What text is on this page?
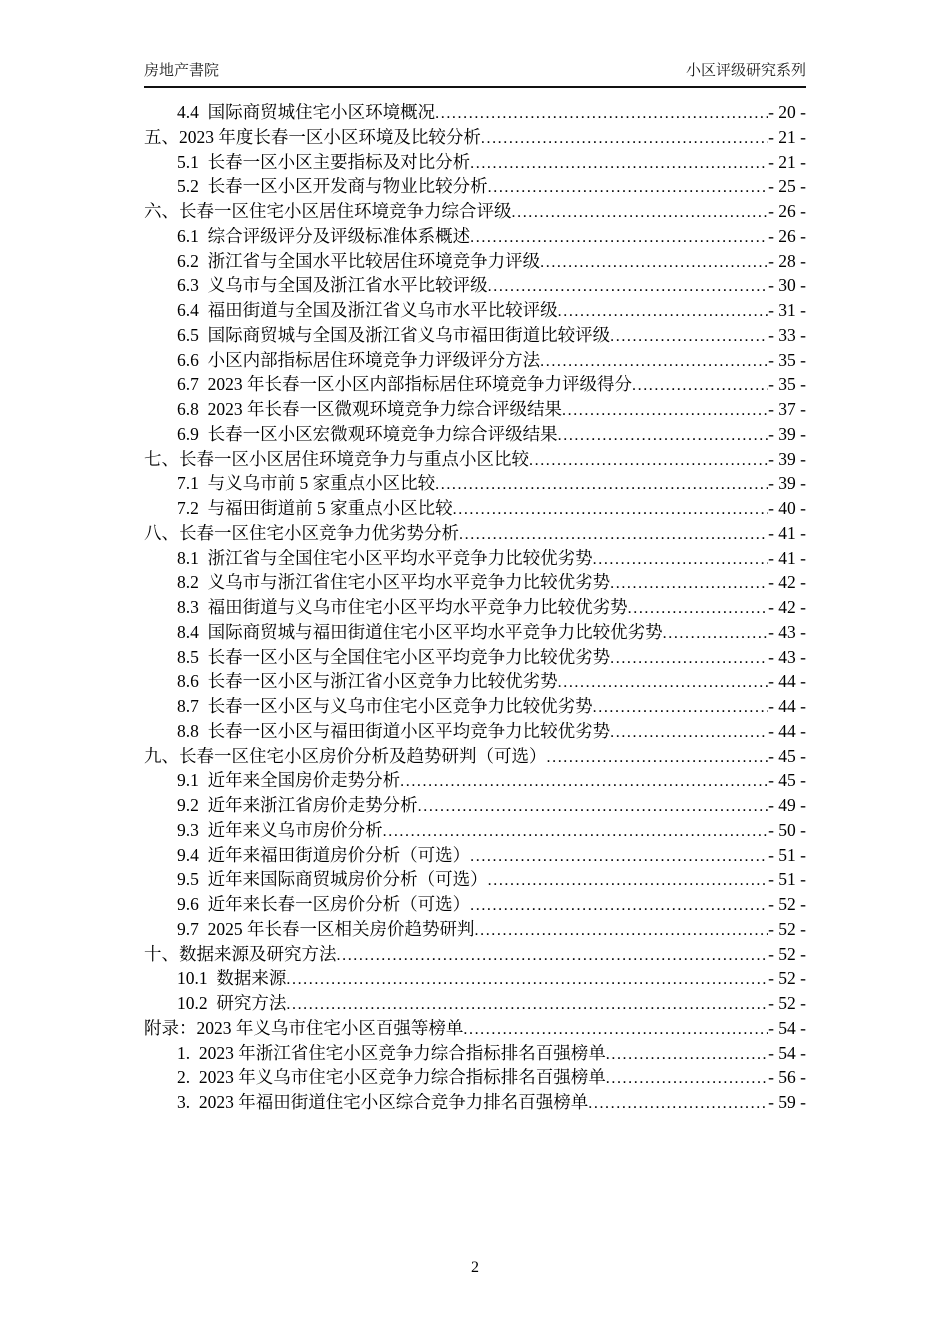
房地产書院	小区评级研究系列
4.4  国际商贸城住宅小区环境概况 .....	- 20 -
五、2023 年度长春一区小区环境及比较分析 .....	- 21 -
5.1  长春一区小区主要指标及对比分析 .....	- 21 -
5.2  长春一区小区开发商与物业比较分析 .....	- 25 -
六、长春一区住宅小区居住环境竞争力综合评级 .....	- 26 -
6.1  综合评级评分及评级标准体系概述 .....	- 26 -
6.2  浙江省与全国水平比较居住环境竞争力评级 .....	- 28 -
6.3  义乌市与全国及浙江省水平比较评级 .....	- 30 -
6.4  福田街道与全国及浙江省义乌市水平比较评级 .....	- 31 -
6.5  国际商贸城与全国及浙江省义乌市福田街道比较评级 .....	- 33 -
6.6  小区内部指标居住环境竞争力评级评分方法 .....	- 35 -
6.7  2023 年长春一区小区内部指标居住环境竞争力评级得分 .....	- 35 -
6.8  2023 年长春一区微观环境竞争力综合评级结果 .....	- 37 -
6.9  长春一区小区宏微观环境竞争力综合评级结果 .....	- 39 -
七、长春一区小区居住环境竞争力与重点小区比较 .....	- 39 -
7.1  与义乌市前 5 家重点小区比较 .....	- 39 -
7.2  与福田街道前 5 家重点小区比较 .....	- 40 -
八、长春一区住宅小区竞争力优劣势分析 .....	- 41 -
8.1  浙江省与全国住宅小区平均水平竞争力比较优劣势 .....	- 41 -
8.2  义乌市与浙江省住宅小区平均水平竞争力比较优劣势 .....	- 42 -
8.3  福田街道与义乌市住宅小区平均水平竞争力比较优劣势 .....	- 42 -
8.4  国际商贸城与福田街道住宅小区平均水平竞争力比较优劣势 .....	- 43 -
8.5  长春一区小区与全国住宅小区平均竞争力比较优劣势 .....	- 43 -
8.6  长春一区小区与浙江省小区竞争力比较优劣势 .....	- 44 -
8.7  长春一区小区与义乌市住宅小区竞争力比较优劣势 .....	- 44 -
8.8  长春一区小区与福田街道小区平均竞争力比较优劣势 .....	- 44 -
九、长春一区住宅小区房价分析及趋势研判（可选） .....	- 45 -
9.1  近年来全国房价走势分析 .....	- 45 -
9.2  近年来浙江省房价走势分析 .....	- 49 -
9.3  近年来义乌市房价分析 .....	- 50 -
9.4  近年来福田街道房价分析（可选） .....	- 51 -
9.5  近年来国际商贸城房价分析（可选） .....	- 51 -
9.6  近年来长春一区房价分析（可选） .....	- 52 -
9.7  2025 年长春一区相关房价趋势研判 .....	- 52 -
十、数据来源及研究方法 .....	- 52 -
10.1  数据来源 .....	- 52 -
10.2  研究方法 .....	- 52 -
附录：2023 年义乌市住宅小区百强等榜单 .....	- 54 -
1.  2023 年浙江省住宅小区竞争力综合指标排名百强榜单 .....	- 54 -
2.  2023 年义乌市住宅小区竞争力综合指标排名百强榜单 .....	- 56 -
3.  2023 年福田街道住宅小区综合竞争力排名百强榜单 .....	- 59 -
2
